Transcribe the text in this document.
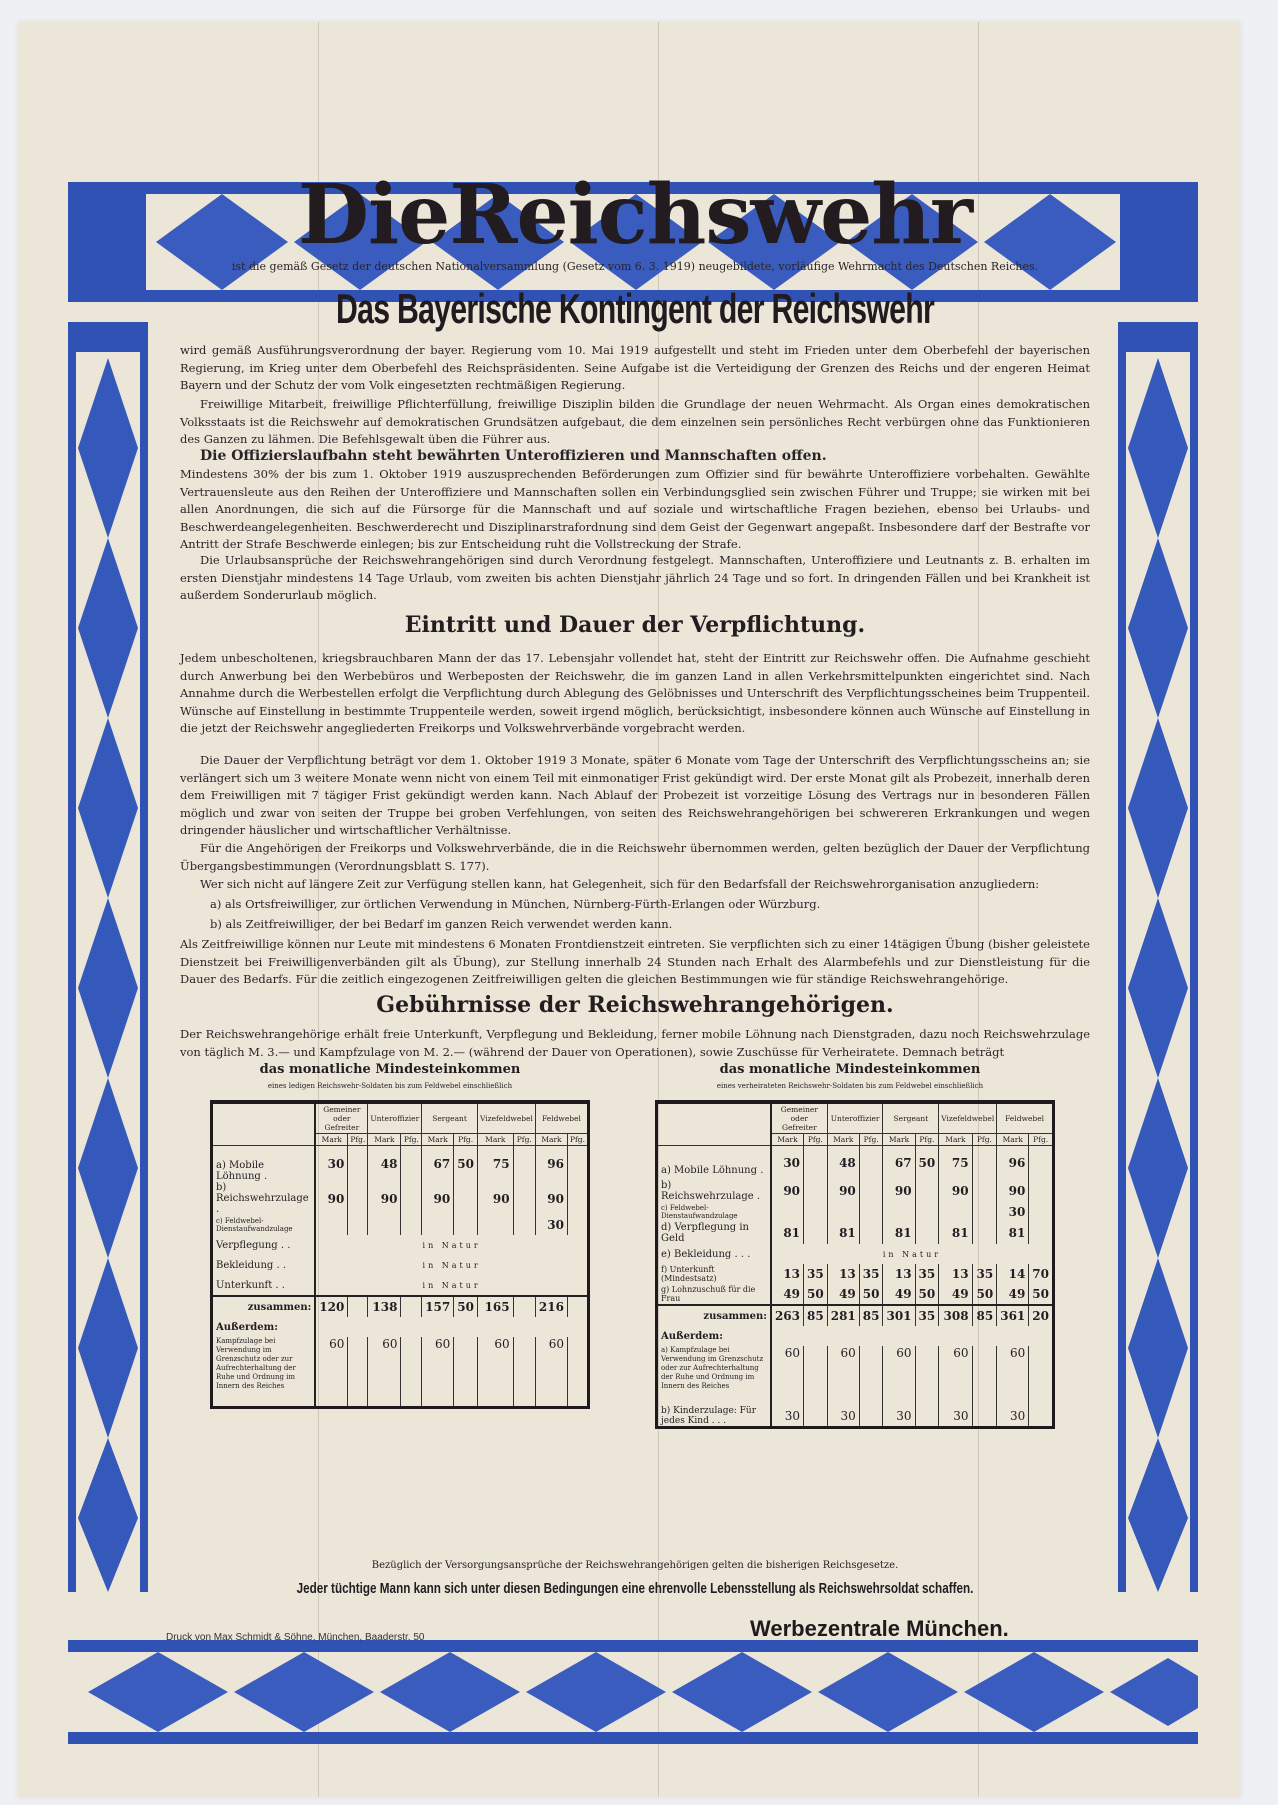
DieReichswehr
ist die gemäß Gesetz der deutschen Nationalversammlung (Gesetz vom 6. 3. 1919) neugebildete, vorläufige Wehrmacht des Deutschen Reiches.
Das Bayerische Kontingent der Reichswehr
wird gemäß Ausführungsverordnung der bayer. Regierung vom 10. Mai 1919 aufgestellt und steht im Frieden unter dem Oberbefehl der bayerischen Regierung, im Krieg unter dem Oberbefehl des Reichspräsidenten. Seine Aufgabe ist die Verteidigung der Grenzen des Reichs und der engeren Heimat Bayern und der Schutz der vom Volk eingesetzten rechtmäßigen Regierung.
Freiwillige Mitarbeit, freiwillige Pflichterfüllung, freiwillige Disziplin bilden die Grundlage der neuen Wehrmacht. Als Organ eines demokratischen Volksstaats ist die Reichswehr auf demokratischen Grundsätzen aufgebaut, die dem einzelnen sein persönliches Recht verbürgen ohne das Funktionieren des Ganzen zu lähmen. Die Befehlsgewalt üben die Führer aus.
Die Offizierslaufbahn steht bewährten Unteroffizieren und Mannschaften offen.
Mindestens 30% der bis zum 1. Oktober 1919 auszusprechenden Beförderungen zum Offizier sind für bewährte Unteroffiziere vorbehalten. Gewählte Vertrauensleute aus den Reihen der Unteroffiziere und Mannschaften sollen ein Verbindungsglied sein zwischen Führer und Truppe; sie wirken mit bei allen Anordnungen, die sich auf die Fürsorge für die Mannschaft und auf soziale und wirtschaftliche Fragen beziehen, ebenso bei Urlaubs- und Beschwerdeangelegenheiten. Beschwerderecht und Disziplinarstrafordnung sind dem Geist der Gegenwart angepaßt. Insbesondere darf der Bestrafte vor Antritt der Strafe Beschwerde einlegen; bis zur Entscheidung ruht die Vollstreckung der Strafe.
Die Urlaubsansprüche der Reichswehrangehörigen sind durch Verordnung festgelegt. Mannschaften, Unteroffiziere und Leutnants z. B. erhalten im ersten Dienstjahr mindestens 14 Tage Urlaub, vom zweiten bis achten Dienstjahr jährlich 24 Tage und so fort. In dringenden Fällen und bei Krankheit ist außerdem Sonderurlaub möglich.
Eintritt und Dauer der Verpflichtung.
Jedem unbescholtenen, kriegsbrauchbaren Mann der das 17. Lebensjahr vollendet hat, steht der Eintritt zur Reichswehr offen. Die Aufnahme geschieht durch Anwerbung bei den Werbebüros und Werbeposten der Reichswehr, die im ganzen Land in allen Verkehrsmittelpunkten eingerichtet sind. Nach Annahme durch die Werbestellen erfolgt die Verpflichtung durch Ablegung des Gelöbnisses und Unterschrift des Verpflichtungsscheines beim Truppenteil. Wünsche auf Einstellung in bestimmte Truppenteile werden, soweit irgend möglich, berücksichtigt, insbesondere können auch Wünsche auf Einstellung in die jetzt der Reichswehr angegliederten Freikorps und Volkswehrverbände vorgebracht werden.
Die Dauer der Verpflichtung beträgt vor dem 1. Oktober 1919 3 Monate, später 6 Monate vom Tage der Unterschrift des Verpflichtungsscheins an; sie verlängert sich um 3 weitere Monate wenn nicht von einem Teil mit einmonatiger Frist gekündigt wird. Der erste Monat gilt als Probezeit, innerhalb deren dem Freiwilligen mit 7 tägiger Frist gekündigt werden kann. Nach Ablauf der Probezeit ist vorzeitige Lösung des Vertrags nur in besonderen Fällen möglich und zwar von seiten der Truppe bei groben Verfehlungen, von seiten des Reichswehrangehörigen bei schwereren Erkrankungen und wegen dringender häuslicher und wirtschaftlicher Verhältnisse.
Für die Angehörigen der Freikorps und Volkswehrverbände, die in die Reichswehr übernommen werden, gelten bezüglich der Dauer der Verpflichtung Übergangsbestimmungen (Verordnungsblatt S. 177).
Wer sich nicht auf längere Zeit zur Verfügung stellen kann, hat Gelegenheit, sich für den Bedarfsfall der Reichswehrorganisation anzugliedern:
a) als Ortsfreiwilliger, zur örtlichen Verwendung in München, Nürnberg-Fürth-Erlangen oder Würzburg.
b) als Zeitfreiwilliger, der bei Bedarf im ganzen Reich verwendet werden kann.
Als Zeitfreiwillige können nur Leute mit mindestens 6 Monaten Frontdienstzeit eintreten. Sie verpflichten sich zu einer 14tägigen Übung (bisher geleistete Dienstzeit bei Freiwilligenverbänden gilt als Übung), zur Stellung innerhalb 24 Stunden nach Erhalt des Alarmbefehls und zur Dienstleistung für die Dauer des Bedarfs. Für die zeitlich eingezogenen Zeitfreiwilligen gelten die gleichen Bestimmungen wie für ständige Reichswehrangehörige.
Gebührnisse der Reichswehrangehörigen.
Der Reichswehrangehörige erhält freie Unterkunft, Verpflegung und Bekleidung, ferner mobile Löhnung nach Dienstgraden, dazu noch Reichswehrzulage von täglich M. 3.— und Kampfzulage von M. 2.— (während der Dauer von Operationen), sowie Zuschüsse für Verheiratete. Demnach beträgt
das monatliche Mindesteinkommen
eines ledigen Reichswehr-Soldaten bis zum Feldwebel einschließlich
das monatliche Mindesteinkommen
eines verheirateten Reichswehr-Soldaten bis zum Feldwebel einschließlich
	Gemeiner oder Gefreiter		Unteroffizier		Sergeant		Vizefeldwebel		Feldwebel	
	Mark	Pfg.	Mark	Pfg.	Mark	Pfg.	Mark	Pfg.	Mark	Pfg.
a) Mobile Löhnung .	30		48		67	50	75		96	
b) Reichswehrzulage .	90		90		90		90		90	
c) Feldwebel-Dienstaufwandzulage									30	
Verpflegung . .	in Natur									
Bekleidung . .	in Natur									
Unterkunft . .	in Natur									
zusammen:	120		138		157	50	165		216	
Außerdem:										
Kampfzulage bei Verwendung im Grenzschutz oder zur Aufrechterhaltung der Ruhe und Ordnung im Innern des Reiches	60		60		60		60		60	
	Gemeiner oder Gefreiter		Unteroffizier		Sergeant		Vizefeldwebel		Feldwebel	
	Mark	Pfg.	Mark	Pfg.	Mark	Pfg.	Mark	Pfg.	Mark	Pfg.
a) Mobile Löhnung .	30		48		67	50	75		96	
b) Reichswehrzulage .	90		90		90		90		90	
c) Feldwebel-Dienstaufwandzulage									30	
d) Verpflegung in Geld	81		81		81		81		81	
e) Bekleidung . . .	in Natur									
f) Unterkunft (Mindestsatz)	13	35	13	35	13	35	13	35	14	70
g) Lohnzuschuß für die Frau	49	50	49	50	49	50	49	50	49	50
zusammen:	263	85	281	85	301	35	308	85	361	20
Außerdem:										
a) Kampfzulage bei Verwendung im Grenzschutz oder zur Aufrechterhaltung der Ruhe und Ordnung im Innern des Reiches	60		60		60		60		60	
b) Kinderzulage: Für jedes Kind . . .	30		30		30		30		30	
Bezüglich der Versorgungsansprüche der Reichswehrangehörigen gelten die bisherigen Reichsgesetze.
Jeder tüchtige Mann kann sich unter diesen Bedingungen eine ehrenvolle Lebensstellung als Reichswehrsoldat schaffen.
Druck von Max Schmidt & Söhne, München, Baaderstr. 50	Werbezentrale München.
